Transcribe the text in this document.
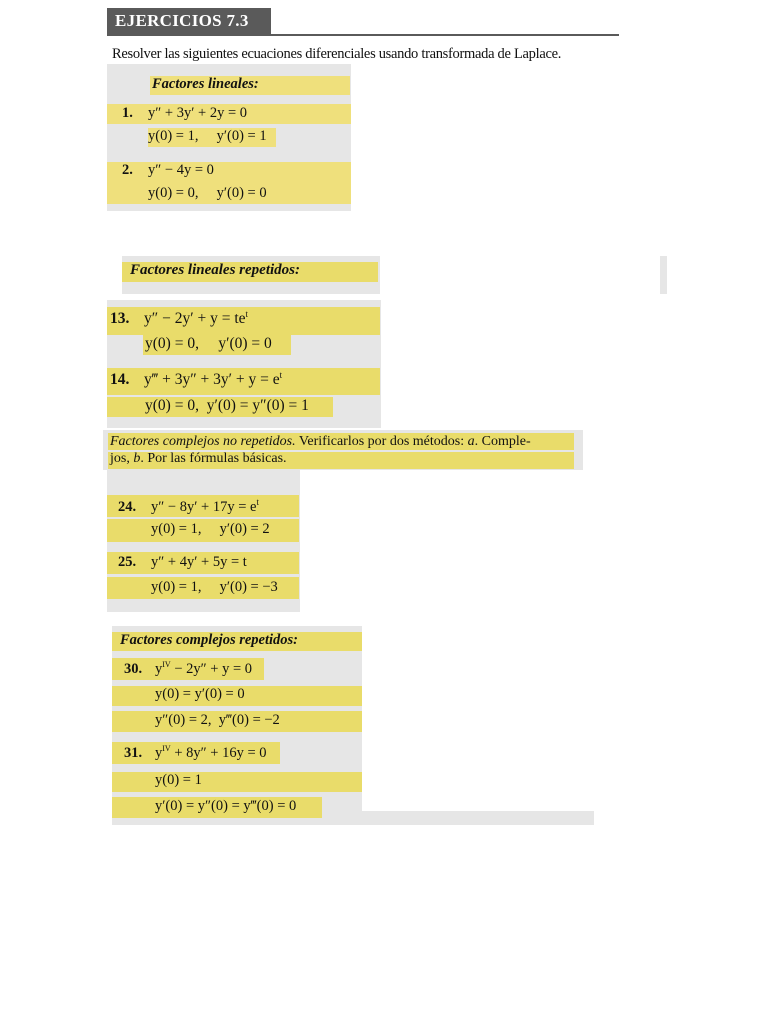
EJERCICIOS 7.3
Resolver las siguientes ecuaciones diferenciales usando transformada de Laplace.
Factores lineales:
1. y″ + 3y′ + 2y = 0
y(0) = 1,     y′(0) = 1
2. y″ − 4y = 0
y(0) = 0,     y′(0) = 0
Factores lineales repetidos:
13. $y'' - 2y' + y = te^t$
y(0) = 0,     y′(0) = 0
14. y‴ + $3y'' + 3y' + y = e^t$
y(0) = 0,  y′(0) = y″(0) = 1
Factores complejos no repetidos. Verificarlos por dos métodos: a. Comple-
jos, b. Por las fórmulas básicas.
24. $y'' - 8y' + 17y = e^t$
y(0) = 1,     y′(0) = 2
25. y″ + 4y′ + 5y = t
y(0) = 1,     y′(0) = −3
Factores complejos repetidos:
30. $y^{IV} - 2y'' + y = 0$
y(0) = y′(0) = 0
y″(0) = 2,  y‴(0) = −2
31. $y^{IV} + 8y'' + 16y = 0$
y(0) = 1
y′(0) = y″(0) = y‴(0) = 0
